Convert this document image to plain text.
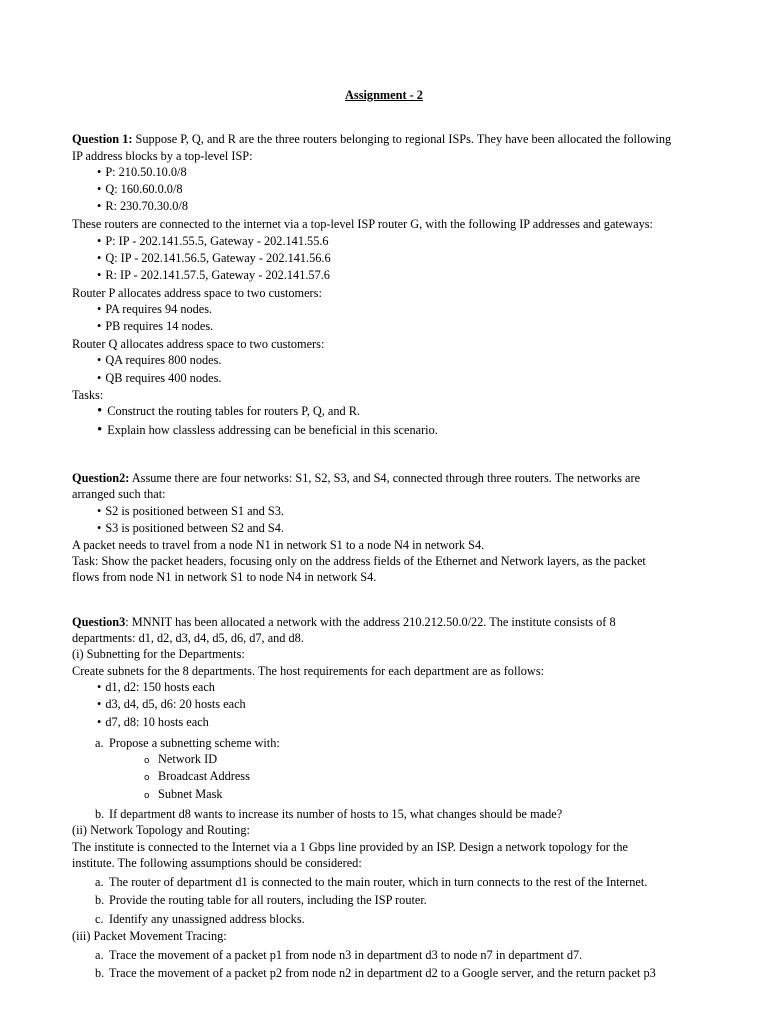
Assignment - 2
Question 1: Suppose P, Q, and R are the three routers belonging to regional ISPs. They have been allocated the following
IP address blocks by a top-level ISP:
• P: 210.50.10.0/8
• Q: 160.60.0.0/8
• R: 230.70.30.0/8
These routers are connected to the internet via a top-level ISP router G, with the following IP addresses and gateways:
• P: IP - 202.141.55.5, Gateway - 202.141.55.6
• Q: IP - 202.141.56.5, Gateway - 202.141.56.6
• R: IP - 202.141.57.5, Gateway - 202.141.57.6
Router P allocates address space to two customers:
• PA requires 94 nodes.
• PB requires 14 nodes.
Router Q allocates address space to two customers:
• QA requires 800 nodes.
• QB requires 400 nodes.
Tasks:
• Construct the routing tables for routers P, Q, and R.
• Explain how classless addressing can be beneficial in this scenario.
Question2: Assume there are four networks: S1, S2, S3, and S4, connected through three routers. The networks are
arranged such that:
• S2 is positioned between S1 and S3.
• S3 is positioned between S2 and S4.
A packet needs to travel from a node N1 in network S1 to a node N4 in network S4.
Task: Show the packet headers, focusing only on the address fields of the Ethernet and Network layers, as the packet
flows from node N1 in network S1 to node N4 in network S4.
Question3: MNNIT has been allocated a network with the address 210.212.50.0/22. The institute consists of 8
departments: d1, d2, d3, d4, d5, d6, d7, and d8.
(i) Subnetting for the Departments:
Create subnets for the 8 departments. The host requirements for each department are as follows:
• d1, d2: 150 hosts each
• d3, d4, d5, d6: 20 hosts each
• d7, d8: 10 hosts each
a. Propose a subnetting scheme with:
o Network ID
o Broadcast Address
o Subnet Mask
b. If department d8 wants to increase its number of hosts to 15, what changes should be made?
(ii) Network Topology and Routing:
The institute is connected to the Internet via a 1 Gbps line provided by an ISP. Design a network topology for the
institute. The following assumptions should be considered:
a. The router of department d1 is connected to the main router, which in turn connects to the rest of the Internet.
b. Provide the routing table for all routers, including the ISP router.
c. Identify any unassigned address blocks.
(iii) Packet Movement Tracing:
a. Trace the movement of a packet p1 from node n3 in department d3 to node n7 in department d7.
b. Trace the movement of a packet p2 from node n2 in department d2 to a Google server, and the return packet p3
